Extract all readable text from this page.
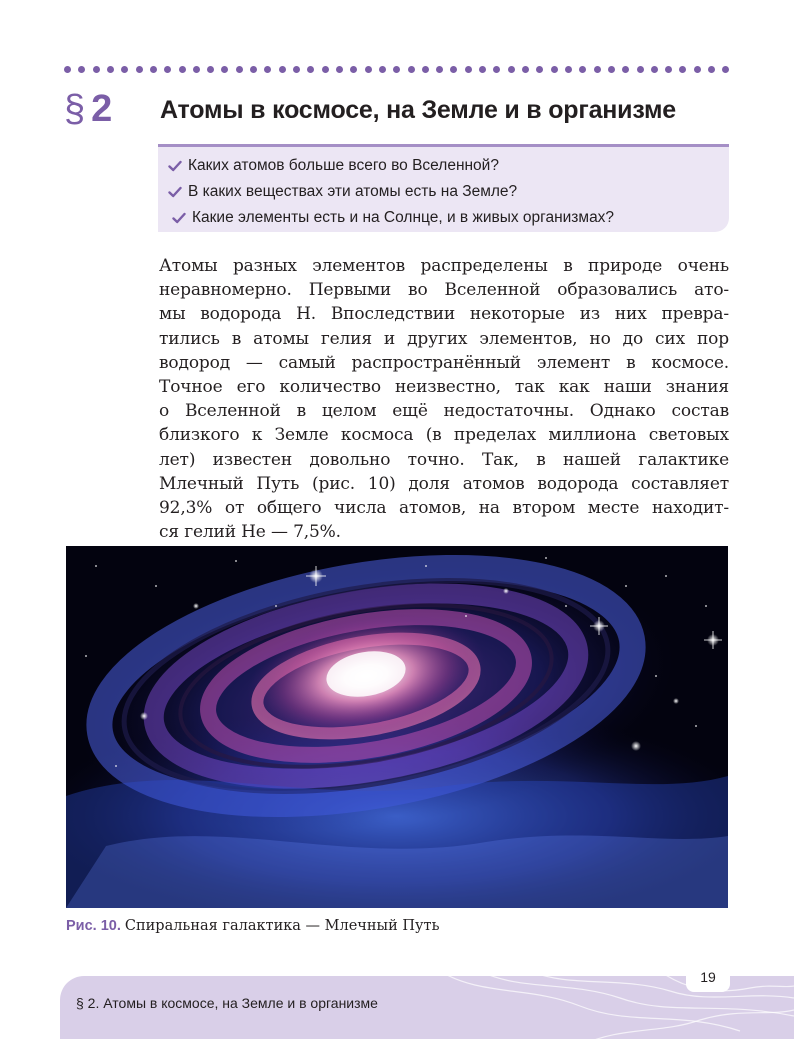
§ 2 Атомы в космосе, на Земле и в организме
Каких атомов больше всего во Вселенной?
В каких веществах эти атомы есть на Земле?
Какие элементы есть и на Солнце, и в живых организмах?
Атомы разных элементов распределены в природе очень
неравномерно. Первыми во Вселенной образовались ато-
мы водорода H. Впоследствии некоторые из них превра-
тились в атомы гелия и других элементов, но до сих пор
водород — самый распространённый элемент в космосе.
Точное его количество неизвестно, так как наши знания
о Вселенной в целом ещё недостаточны. Однако состав
близкого к Земле космоса (в пределах миллиона световых
лет) известен довольно точно. Так, в нашей галактике
Млечный Путь (рис. 10) доля атомов водорода составляет
92,3% от общего числа атомов, на втором месте находит-
ся гелий He — 7,5%.
Рис. 10. Спиральная галактика — Млечный Путь
§ 2. Атомы в космосе, на Земле и в организме
19
